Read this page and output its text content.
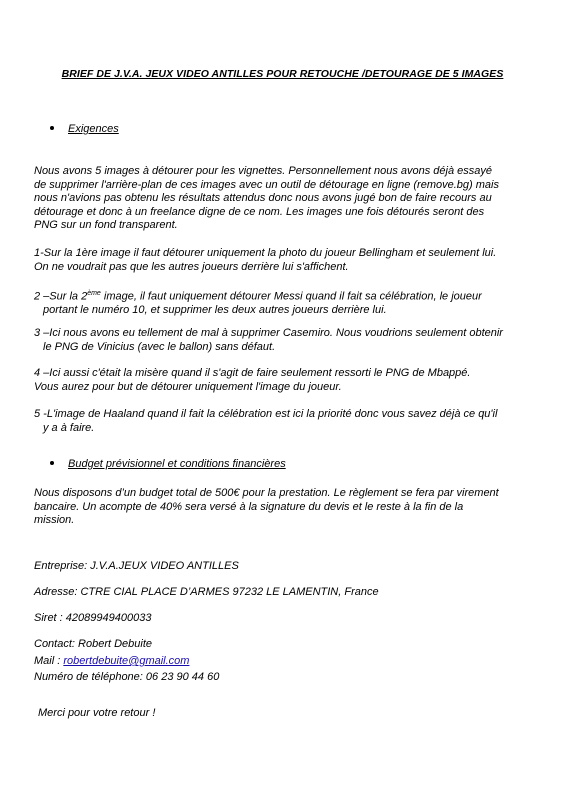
BRIEF DE J.V.A. JEUX VIDEO ANTILLES POUR RETOUCHE /DETOURAGE DE 5 IMAGES
Exigences
Nous avons 5 images à détourer pour les vignettes. Personnellement nous avons déjà essayé
de supprimer l'arrière-plan de ces images avec un outil de détourage en ligne (remove.bg) mais
nous n'avions pas obtenu les résultats attendus donc nous avons jugé bon de faire recours au
détourage et donc à un freelance digne de ce nom. Les images une fois détourés seront des
PNG sur un fond transparent.
1-Sur la 1ère image il faut détourer uniquement la photo du joueur Bellingham et seulement lui.
On ne voudrait pas que les autres joueurs derrière lui s'affichent.
2 –Sur la 2ème image, il faut uniquement détourer Messi quand il fait sa célébration, le joueur
portant le numéro 10, et supprimer les deux autres joueurs derrière lui.
3 –Ici nous avons eu tellement de mal à supprimer Casemiro. Nous voudrions seulement obtenir
le PNG de Vinicius (avec le ballon) sans défaut.
4 –Ici aussi c'était la misère quand il s'agit de faire seulement ressorti le PNG de Mbappé.
Vous aurez pour but de détourer uniquement l'image du joueur.
5 -L'image de Haaland quand il fait la célébration est ici la priorité donc vous savez déjà ce qu'il
y a à faire.
Budget prévisionnel et conditions financières
Nous disposons d’un budget total de 500€ pour la prestation. Le règlement se fera par virement
bancaire. Un acompte de 40% sera versé à la signature du devis et le reste à la fin de la
mission.
Entreprise: J.V.A.JEUX VIDEO ANTILLES
Adresse: CTRE CIAL PLACE D’ARMES 97232 LE LAMENTIN, France
Siret : 42089949400033
Contact: Robert Debuite
Mail : robertdebuite@gmail.com
Numéro de téléphone: 06 23 90 44 60
Merci pour votre retour !
